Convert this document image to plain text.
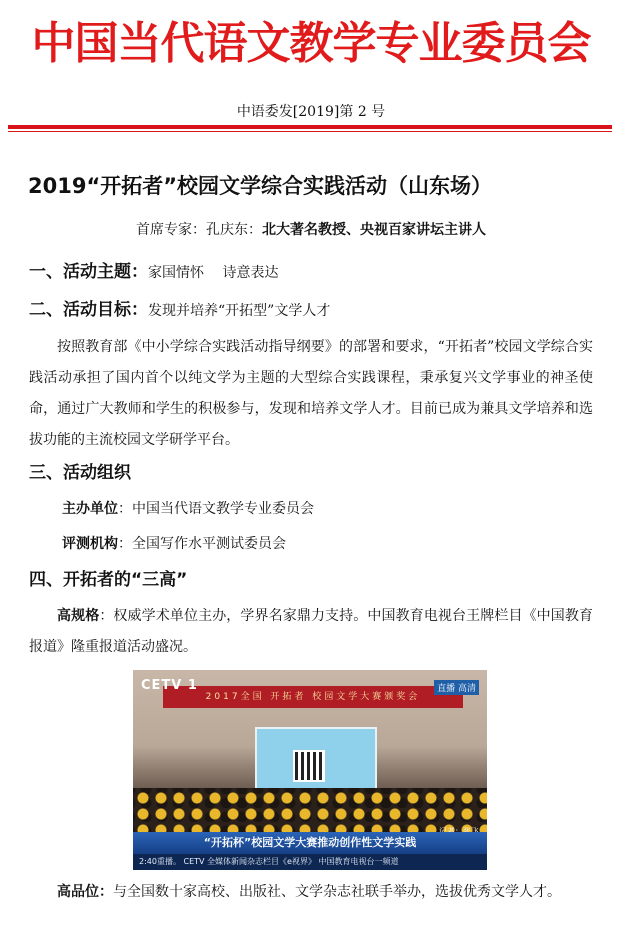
中国当代语文教学专业委员会
中语委发[2019]第 2 号
2019“开拓者”校园文学综合实践活动（山东场）
首席专家：孔庆东：北大著名教授、央视百家讲坛主讲人
一、活动主题：家国情怀　 诗意表达
二、活动目标：发现并培养“开拓型”文学人才
按照教育部《中小学综合实践活动指导纲要》的部署和要求，“开拓者”校园文学综合实践活动承担了国内首个以纯文学为主题的大型综合实践课程，秉承复兴文学事业的神圣使命，通过广大教师和学生的积极参与，发现和培养文学人才。目前已成为兼具文学培养和选拔功能的主流校园文学研学平台。
三、活动组织
主办单位：中国当代语文教学专业委员会
评测机构：全国写作水平测试委员会
四、开拓者的“三高”
高规格：权威学术单位主办，学界名家鼎力支持。中国教育电视台王牌栏目《中国教育报道》隆重报道活动盛况。
2017全国 开拓者 校园文学大赛颁奖会
CETV 1	直播 高清
“开拓杯”校园文学大赛推动创作性文学实践
2:40重播。 CETV 全媒体新闻杂志栏目《e视界》 中国教育电视台一频道
高品位：与全国数十家高校、出版社、文学杂志社联手举办，选拔优秀文学人才。
